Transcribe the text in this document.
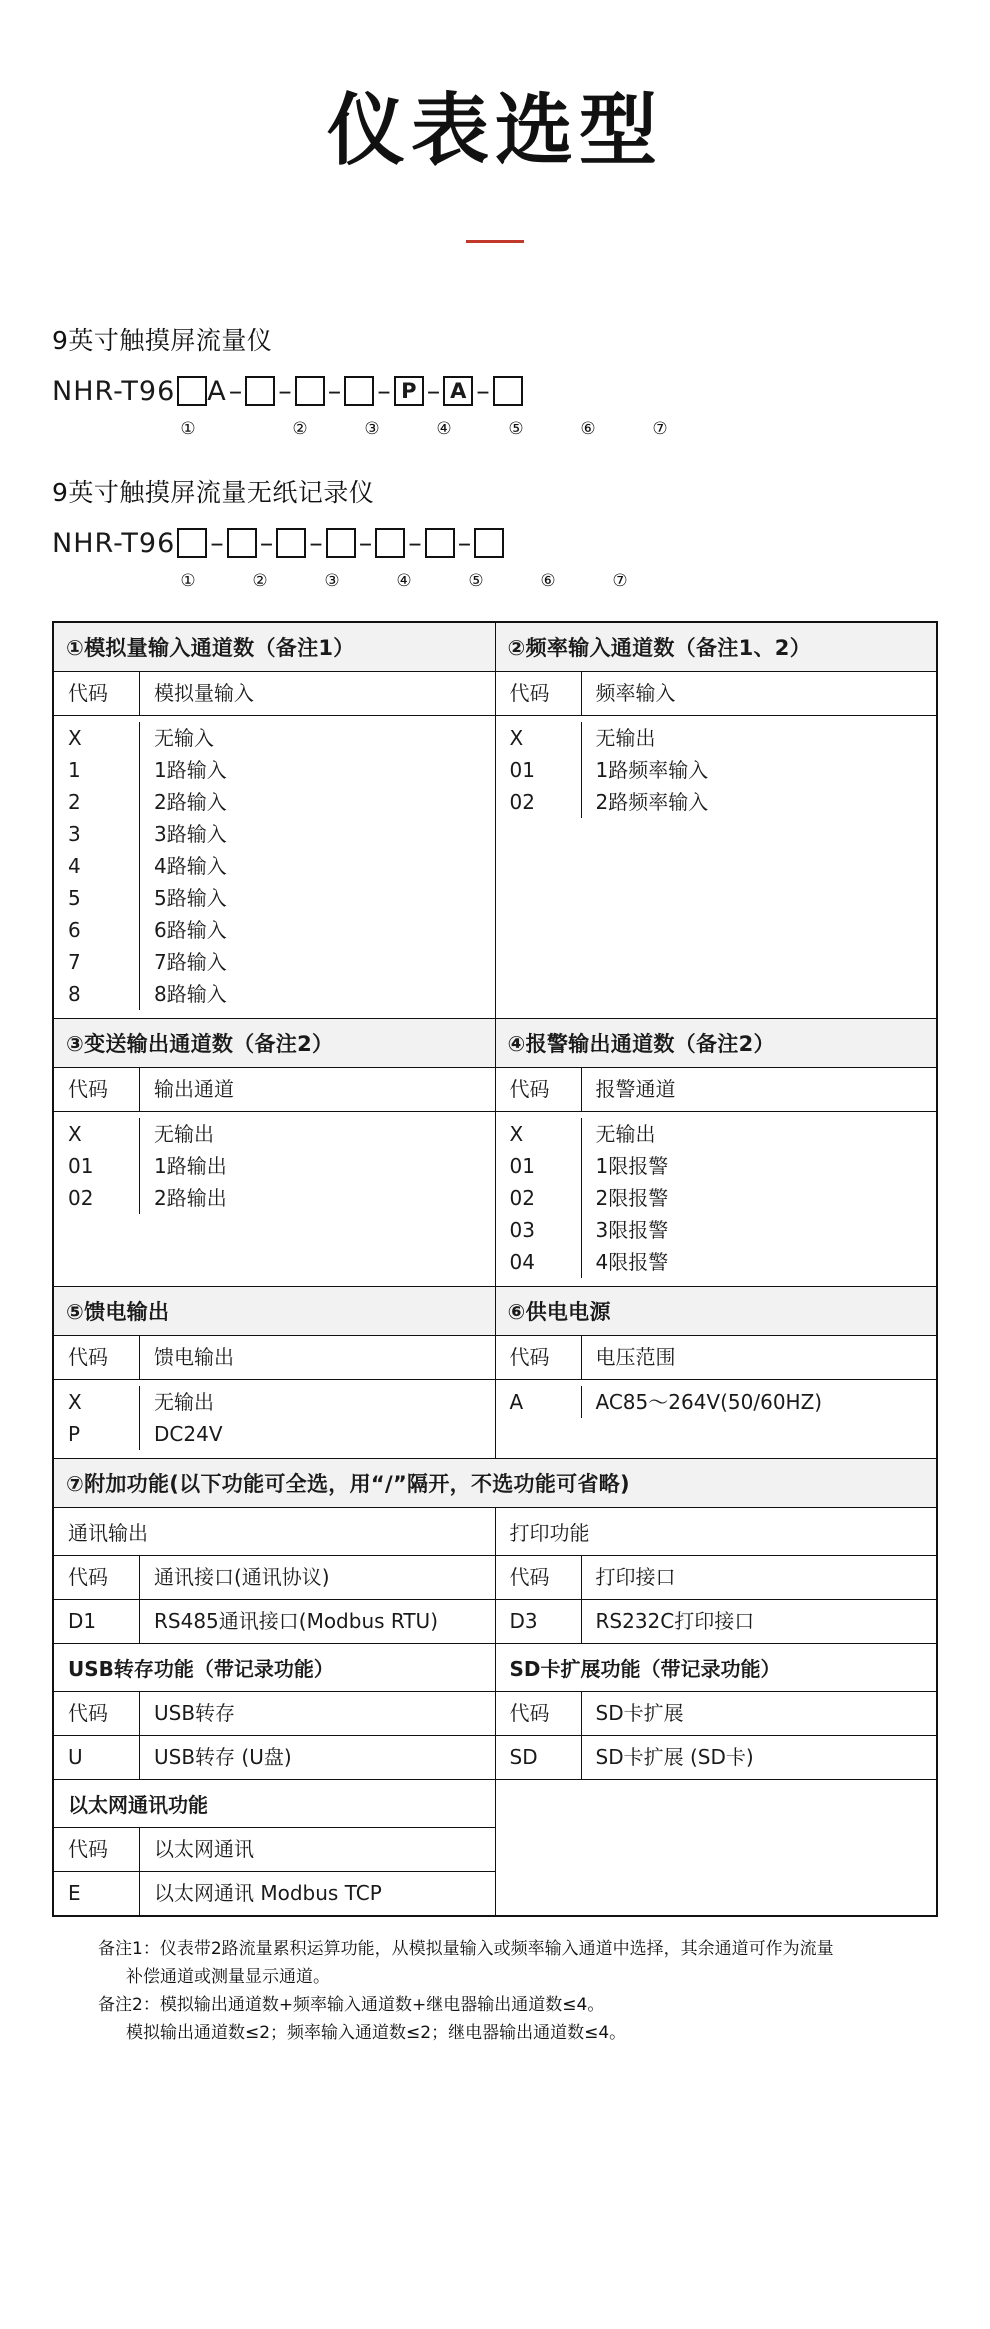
仪表选型
9英寸触摸屏流量仪
NHR-T96 A – – – – P – A –
①	②	③	④	⑤	⑥	⑦
9英寸触摸屏流量无纸记录仪
NHR-T96 – – – – – –
①	②	③	④	⑤	⑥	⑦
①模拟量输入通道数（备注1）	②频率输入通道数（备注1、2）

代码	模拟量输入
X	无输入
1	1路输入
2	2路输入
3	3路输入
4	4路输入
5	5路输入
6	6路输入
7	7路输入
8	8路输入

代码	频率输入
X	无输出
01	1路频率输入
02	2路频率输入

③变送输出通道数（备注2）	④报警输出通道数（备注2）

代码	输出通道
X	无输出
01	1路输出
02	2路输出

代码	报警通道
X	无输出
01	1限报警
02	2限报警
03	3限报警
04	4限报警

⑤馈电输出	⑥供电电源

代码	馈电输出
X	无输出
P	DC24V

代码	电压范围
A	AC85～264V(50/60HZ)

⑦附加功能(以下功能可全选，用“/”隔开，不选功能可省略)	

通讯输出	打印功能

代码	通讯接口(通讯协议)	代码	打印接口

D1	RS485通讯接口(Modbus RTU)	D3	RS232C打印接口

USB转存功能（带记录功能）	SD卡扩展功能（带记录功能）

代码	USB转存	代码	SD卡扩展

U	USB转存 (U盘)	SD	SD卡扩展 (SD卡)

以太网通讯功能	

代码 以太网通讯	

E 以太网通讯 Modbus TCP	
备注1：仪表带2路流量累积运算功能，从模拟量输入或频率输入通道中选择，其余通道可作为流量
补偿通道或测量显示通道。
备注2：模拟输出通道数+频率输入通道数+继电器输出通道数≤4。
模拟输出通道数≤2；频率输入通道数≤2；继电器输出通道数≤4。
